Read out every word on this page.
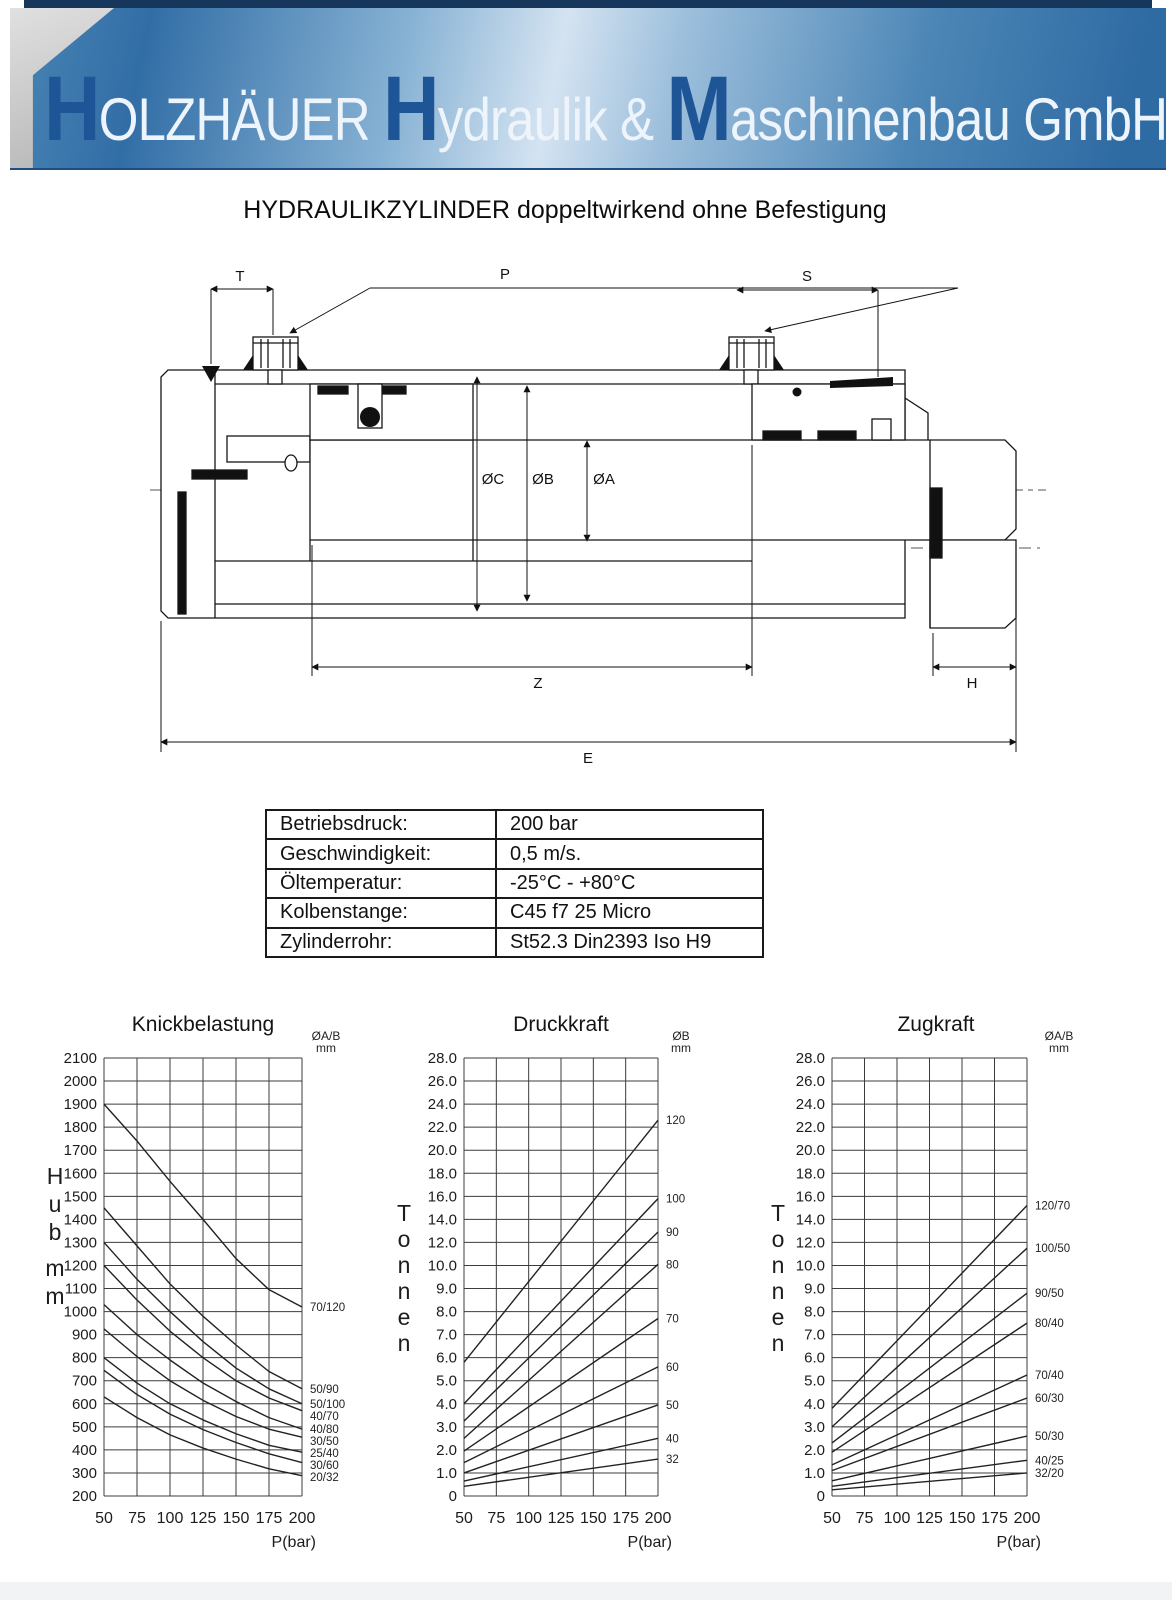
HOLZHÄUER Hydraulik & Maschinenbau GmbH
HYDRAULIKZYLINDER doppeltwirkend ohne Befestigung
T	P	S
ØC ØB	ØA
Z	H
E
Betriebsdruck:	200 bar
Geschwindigkeit:	0,5 m/s.
Öltemperatur:	-25°C - +80°C
Kolbenstange:	C45 f7 25 Micro
Zylinderrohr:	St52.3 Din2393 Iso H9
Knickbelastung	Druckkraft	Zugkraft
ØA/B
mm
ØB
mm
ØA/B
mm
200
300
400
500
600
700
800
900
1000
1100
1200
1300
1400
1500
1600
1700
1800
1900
2000
2100
50 75 100 125 150 175 200
P(bar)
H
u
b
m
m	70/120
50/90
50/100
40/70
40/80
30/50
25/40
30/60
20/32
0
1.0
2.0
3.0
4.0
5.0
6.0
7.0
8.0
9.0
10.0
12.0
14.0
16.0
18.0
20.0
22.0
24.0
26.0
28.0
50 75 100 125 150 175 200
P(bar)
T
o
n
n
e
n
120
100
90
80
70
60
50
40
32
0
1.0
2.0
3.0
4.0
5.0
6.0
7.0
8.0
9.0
10.0
12.0
14.0
16.0
18.0
20.0
22.0
24.0
26.0
28.0
50 75 100 125 150 175 200
P(bar)
T
o
n
n
e
n
120/70
100/50
90/50
80/40
70/40
60/30
50/30
40/25
32/20
